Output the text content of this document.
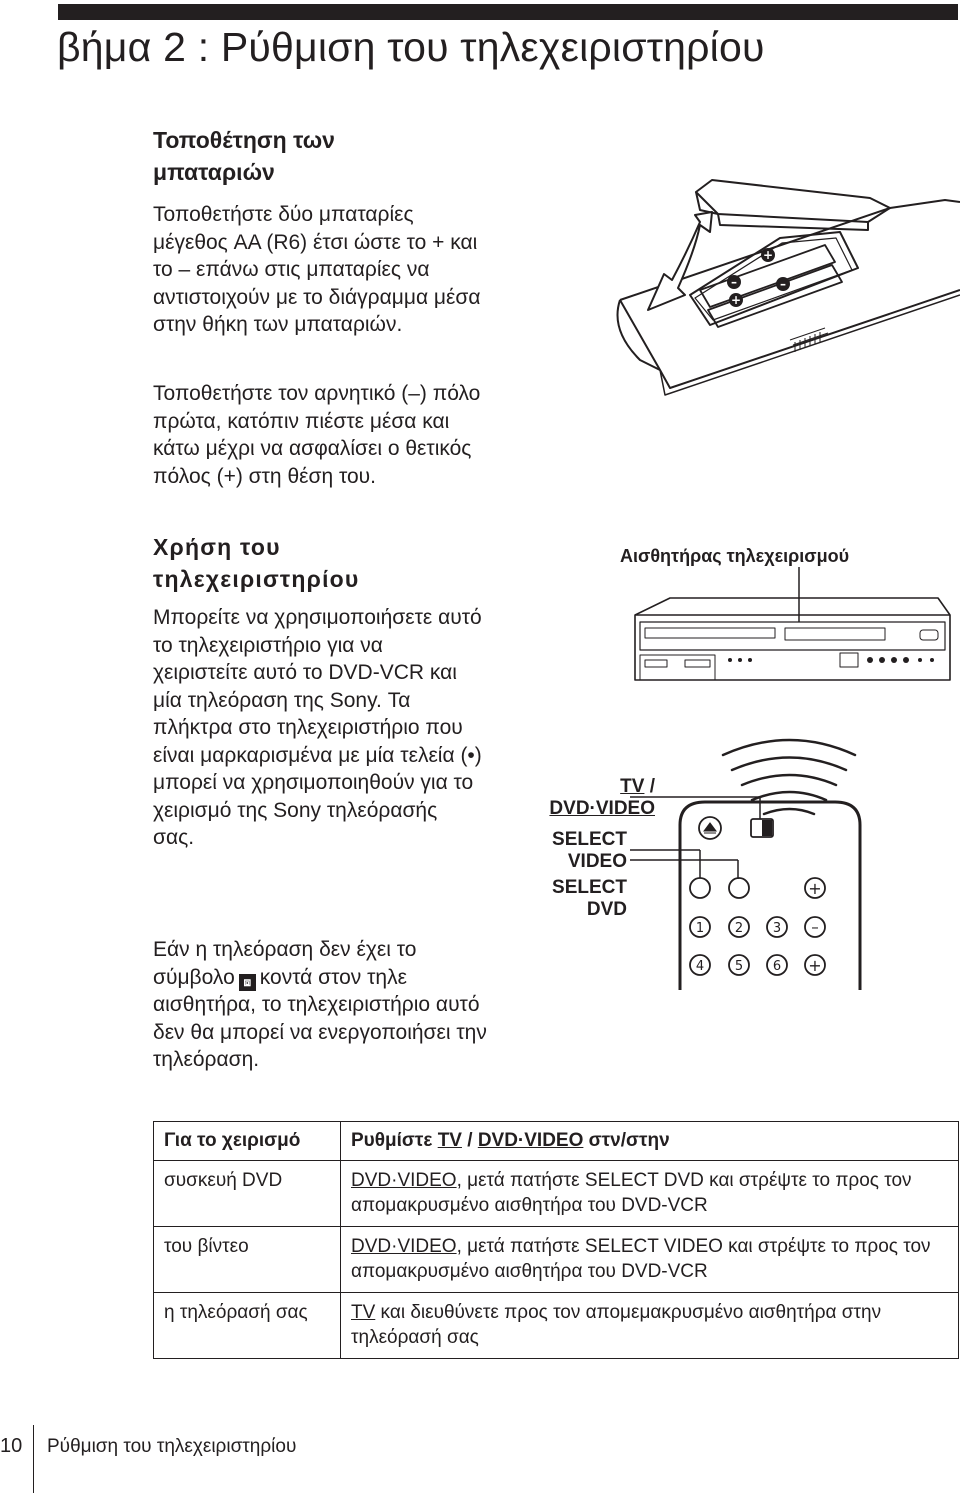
βήμα 2 : Ρύθμιση του τηλεχειριστηρίου
Τοποθέτηση των
μπαταριών

Τοποθετήστε δύο μπαταρίες μέγεθος AA (R6) έτσι ώστε το + και το – επάνω στις μπαταρίες να αντιστοιχούν με το διάγραμμα μέσα στην θήκη των μπαταριών.

Τοποθετήστε τον αρνητικό (–) πόλο πρώτα, κατόπιν πιέστε μέσα και κάτω μέχρι να ασφαλίσει ο θετικός πόλος (+) στη θέση του.

Χρήση του
τηλεχειριστηρίου

Μπορείτε να χρησιμοποιήσετε αυτό το τηλεχειριστήριο για να χειριστείτε αυτό το DVD-VCR και μία τηλεόραση της Sony. Τα πλήκτρα στο τηλεχειριστήριο που είναι μαρκαρισμένα με μία τελεία (•) μπορεί να χρησιμοποιηθούν για το χειρισμό της Sony τηλεόρασής σας.

Εάν η τηλεόραση δεν έχει το σύμβολο ⧈ κοντά στον τηλε αισθητήρα, το τηλεχειριστήριο αυτό δεν θα μπορεί να ενεργοποιήσει την τηλεόραση.

–
+
+
–
Αισθητήρας τηλεχειρισμού
1 2 3 –
4 5 6 +
+
TV /
DVD·VIDEO
SELECT
VIDEO
SELECT
DVD
Για το χειρισμό	Ρυθμίστε TV / DVD·VIDEO στν/στην
συσκευή DVD	DVD·VIDEO, μετά πατήστε SELECT DVD και στρέψτε το προς τον απομακρυσμένο αισθητήρα του DVD-VCR
του βίντεο	DVD·VIDEO, μετά πατήστε SELECT VIDEO και στρέψτε το προς τον απομακρυσμένο αισθητήρα του DVD-VCR
η τηλεόρασή σας	TV και διευθύνετε προς τον απομεμακρυσμένο αισθητήρα στην τηλεόρασή σας
10 Ρύθμιση του τηλεχειριστηρίου
